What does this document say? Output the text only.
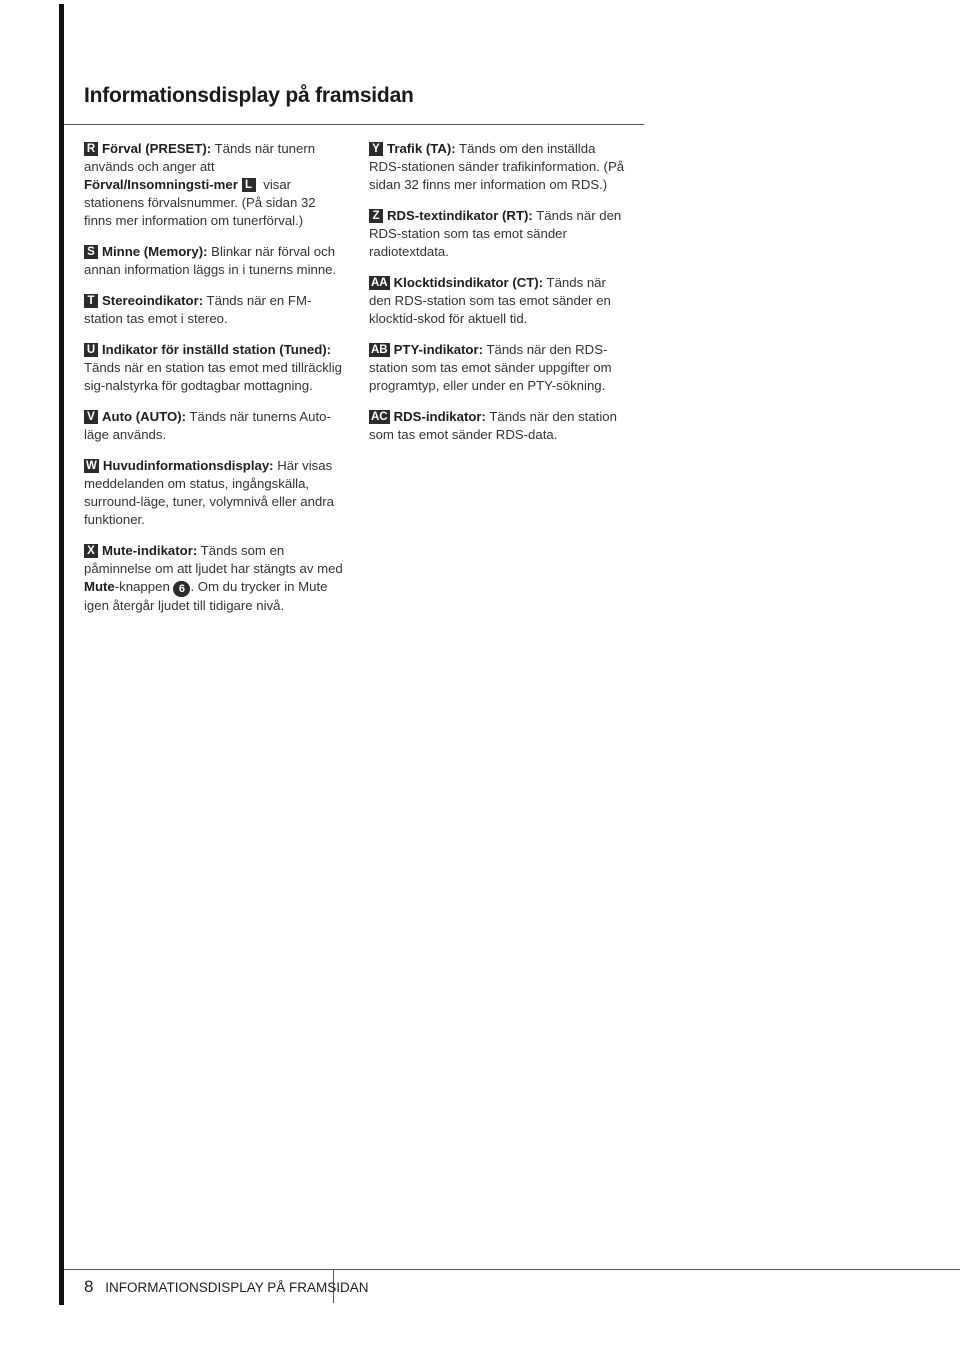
Informationsdisplay på framsidan

R Förval (PRESET): Tänds när tunern används och anger att Förval/Insomningsti-mer L visar stationens förvalsnummer. (På sidan 32 finns mer information om tunerförval.)

S Minne (Memory): Blinkar när förval och annan information läggs in i tunerns minne.

T Stereoindikator: Tänds när en FM-station tas emot i stereo.

U Indikator för inställd station (Tuned): Tänds när en station tas emot med tillräcklig sig-nalstyrka för godtagbar mottagning.

V Auto (AUTO): Tänds när tunerns Auto-läge används.

W Huvudinformationsdisplay: Här visas meddelanden om status, ingångskälla, surround-läge, tuner, volymnivå eller andra funktioner.

X Mute-indikator: Tänds som en påminnelse om att ljudet har stängts av med Mute-knappen 6 . Om du trycker in Mute igen återgår ljudet till tidigare nivå.

Y Trafik (TA): Tänds om den inställda RDS-stationen sänder trafikinformation. (På sidan 32 finns mer information om RDS.)

Z RDS-textindikator (RT): Tänds när den RDS-station som tas emot sänder radiotextdata.

AA Klocktidsindikator (CT): Tänds när den RDS-station som tas emot sänder en klocktid-skod för aktuell tid.

AB PTY-indikator: Tänds när den RDS-station som tas emot sänder uppgifter om programtyp, eller under en PTY-sökning.

AC RDS-indikator: Tänds när den station som tas emot sänder RDS-data.

8 INFORMATIONSDISPLAY PÅ FRAMSIDAN
